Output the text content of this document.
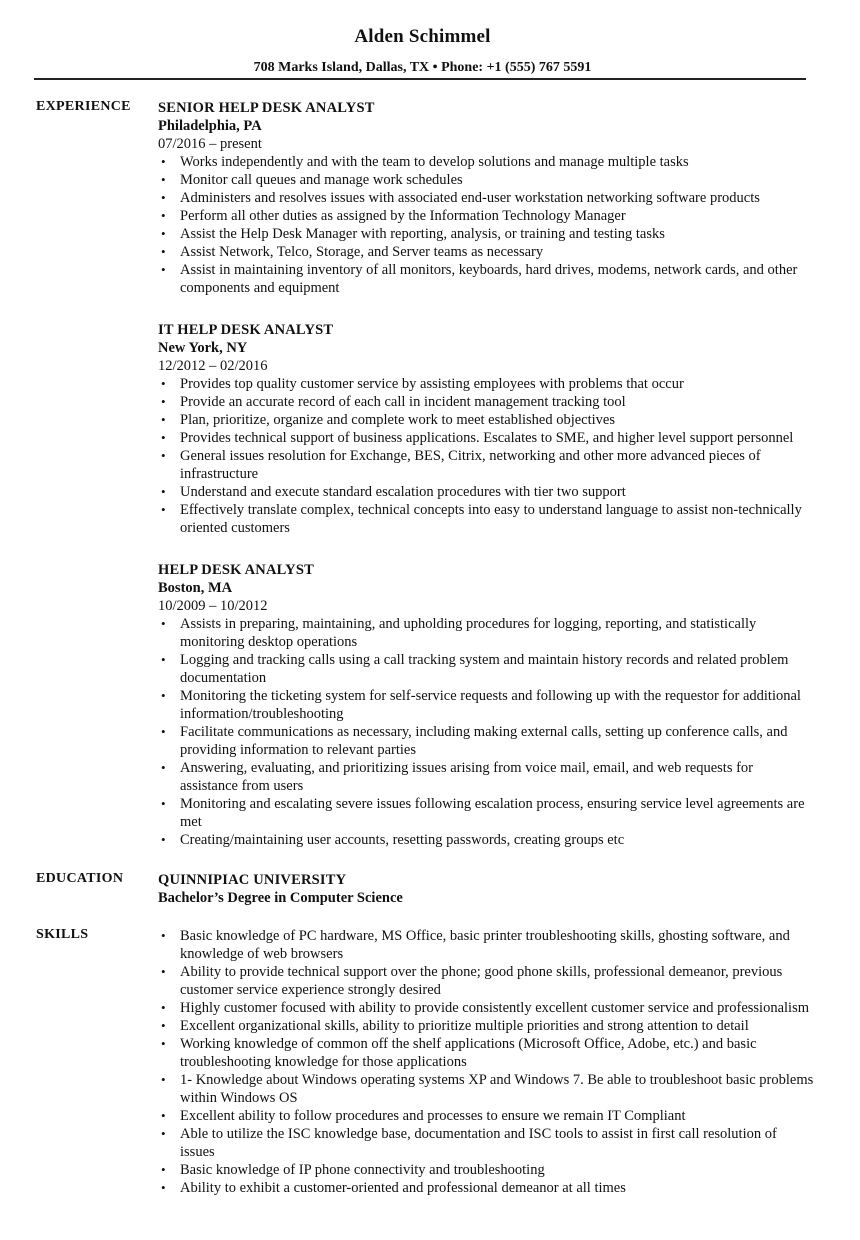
Alden Schimmel
708 Marks Island, Dallas, TX • Phone: +1 (555) 767 5591
EXPERIENCE SENIOR HELP DESK ANALYST
Philadelphia, PA
07/2016 – present
• Works independently and with the team to develop solutions and manage multiple tasks
• Monitor call queues and manage work schedules
• Administers and resolves issues with associated end-user workstation networking software products
• Perform all other duties as assigned by the Information Technology Manager
• Assist the Help Desk Manager with reporting, analysis, or training and testing tasks
• Assist Network, Telco, Storage, and Server teams as necessary
• Assist in maintaining inventory of all monitors, keyboards, hard drives, modems, network cards, and other components and equipment
IT HELP DESK ANALYST
New York, NY
12/2012 – 02/2016
• Provides top quality customer service by assisting employees with problems that occur
• Provide an accurate record of each call in incident management tracking tool
• Plan, prioritize, organize and complete work to meet established objectives
• Provides technical support of business applications. Escalates to SME, and higher level support personnel
• General issues resolution for Exchange, BES, Citrix, networking and other more advanced pieces of infrastructure
• Understand and execute standard escalation procedures with tier two support
• Effectively translate complex, technical concepts into easy to understand language to assist non-technically oriented customers
HELP DESK ANALYST
Boston, MA
10/2009 – 10/2012
• Assists in preparing, maintaining, and upholding procedures for logging, reporting, and statistically monitoring desktop operations
• Logging and tracking calls using a call tracking system and maintain history records and related problem documentation
• Monitoring the ticketing system for self-service requests and following up with the requestor for additional information/troubleshooting
• Facilitate communications as necessary, including making external calls, setting up conference calls, and providing information to relevant parties
• Answering, evaluating, and prioritizing issues arising from voice mail, email, and web requests for assistance from users
• Monitoring and escalating severe issues following escalation process, ensuring service level agreements are met
• Creating/maintaining user accounts, resetting passwords, creating groups etc
EDUCATION QUINNIPIAC UNIVERSITY
Bachelor’s Degree in Computer Science
SKILLS	• Basic knowledge of PC hardware, MS Office, basic printer troubleshooting skills, ghosting software, and knowledge of web browsers
• Ability to provide technical support over the phone; good phone skills, professional demeanor, previous customer service experience strongly desired
• Highly customer focused with ability to provide consistently excellent customer service and professionalism
• Excellent organizational skills, ability to prioritize multiple priorities and strong attention to detail
• Working knowledge of common off the shelf applications (Microsoft Office, Adobe, etc.) and basic troubleshooting knowledge for those applications
• 1- Knowledge about Windows operating systems XP and Windows 7. Be able to troubleshoot basic problems within Windows OS
• Excellent ability to follow procedures and processes to ensure we remain IT Compliant
• Able to utilize the ISC knowledge base, documentation and ISC tools to assist in first call resolution of issues
• Basic knowledge of IP phone connectivity and troubleshooting
• Ability to exhibit a customer-oriented and professional demeanor at all times
